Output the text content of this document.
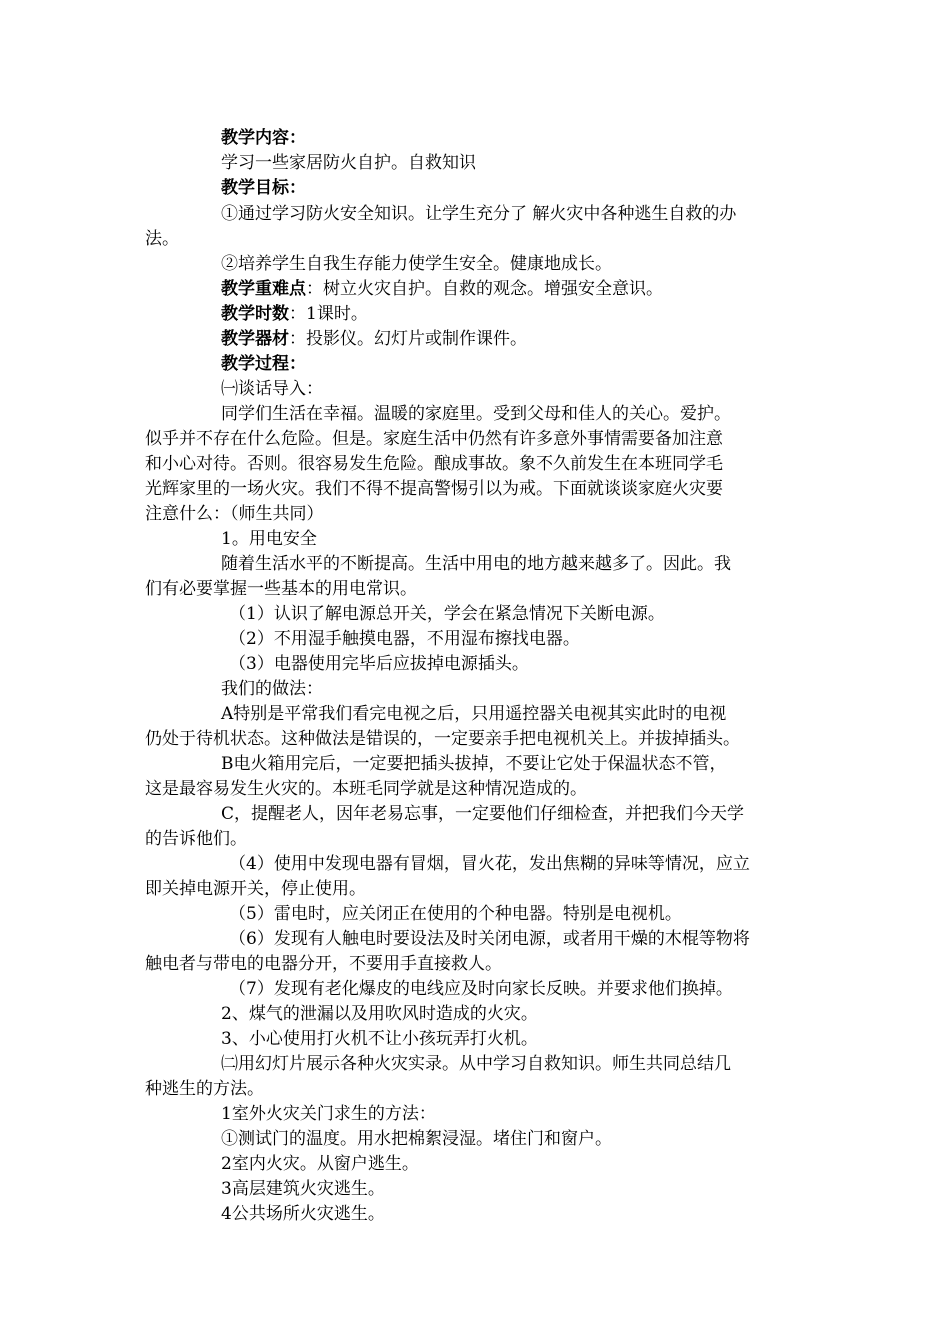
教学内容：
学习一些家居防火自护。自救知识
教学目标：
①通过学习防火安全知识。让学生充分了 解火灾中各种逃生自救的办
法。
②培养学生自我生存能力使学生安全。健康地成长。
教学重难点：树立火灾自护。自救的观念。增强安全意识。
教学时数：1课时。
教学器材：投影仪。幻灯片或制作课件。
教学过程：
㈠谈话导入：
同学们生活在幸福。温暖的家庭里。受到父母和佳人的关心。爱护。
似乎并不存在什么危险。但是。家庭生活中仍然有许多意外事情需要备加注意
和小心对待。否则。很容易发生危险。酿成事故。象不久前发生在本班同学毛
光辉家里的一场火灾。我们不得不提高警惕引以为戒。下面就谈谈家庭火灾要
注意什么：（师生共同）
1。用电安全
随着生活水平的不断提高。生活中用电的地方越来越多了。因此。我
们有必要掌握一些基本的用电常识。
（1）认识了解电源总开关，学会在紧急情况下关断电源。
（2）不用湿手触摸电器，不用湿布擦找电器。
（3）电器使用完毕后应拔掉电源插头。
我们的做法：
A特别是平常我们看完电视之后，只用遥控器关电视其实此时的电视
仍处于待机状态。这种做法是错误的，一定要亲手把电视机关上。并拔掉插头。
B电火箱用完后，一定要把插头拔掉，不要让它处于保温状态不管，
这是最容易发生火灾的。本班毛同学就是这种情况造成的。
C，提醒老人，因年老易忘事，一定要他们仔细检查，并把我们今天学
的告诉他们。
（4）使用中发现电器有冒烟，冒火花，发出焦糊的异味等情况，应立
即关掉电源开关，停止使用。
（5）雷电时，应关闭正在使用的个种电器。特别是电视机。
（6）发现有人触电时要设法及时关闭电源，或者用干燥的木棍等物将
触电者与带电的电器分开，不要用手直接救人。
（7）发现有老化爆皮的电线应及时向家长反映。并要求他们换掉。
2、煤气的泄漏以及用吹风时造成的火灾。
3、小心使用打火机不让小孩玩弄打火机。
㈡用幻灯片展示各种火灾实录。从中学习自救知识。师生共同总结几
种逃生的方法。
1室外火灾关门求生的方法：
①测试门的温度。用水把棉絮浸湿。堵住门和窗户。
2室内火灾。从窗户逃生。
3高层建筑火灾逃生。
4公共场所火灾逃生。
